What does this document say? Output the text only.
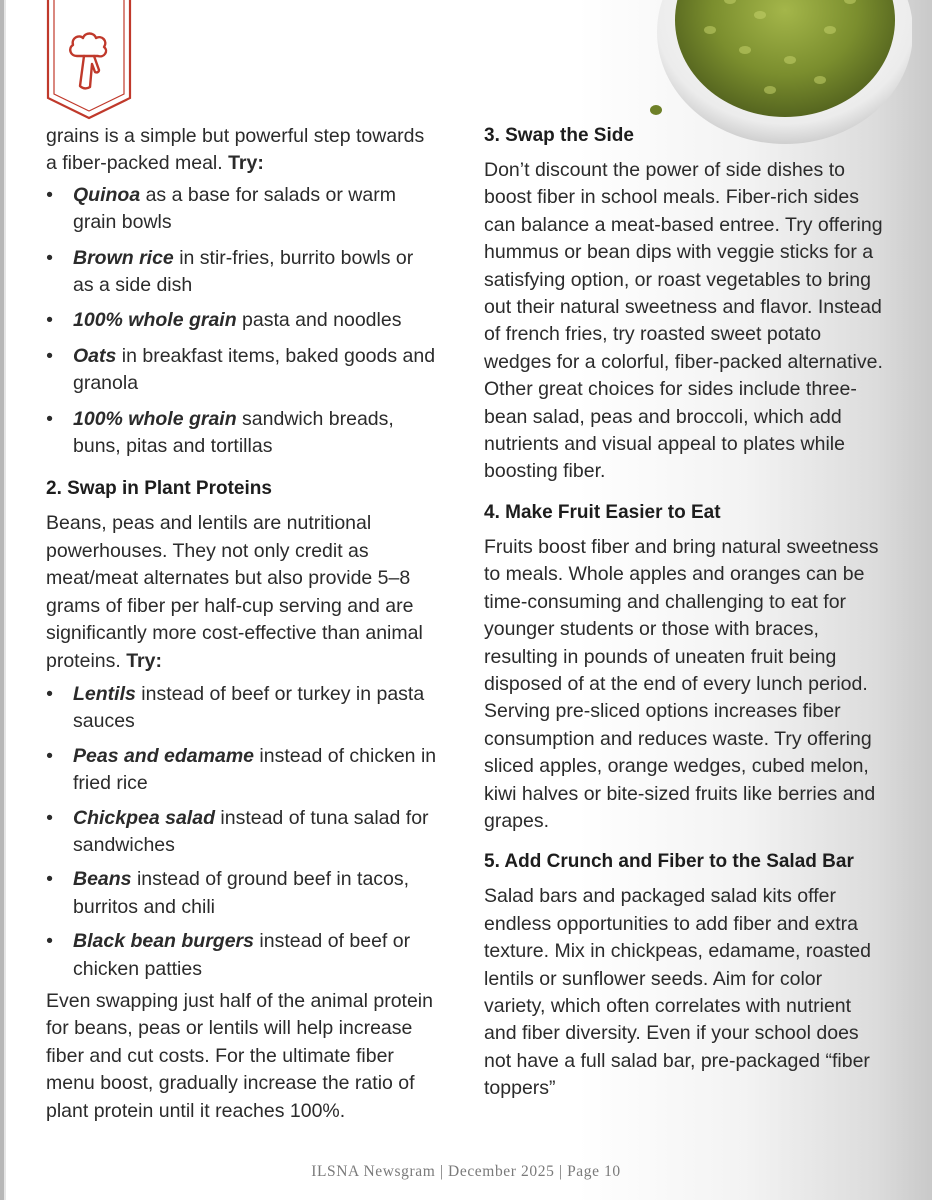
grains is a simple but powerful step towards a fiber-packed meal. Try:

• Quinoa as a base for salads or warm grain bowls
• Brown rice in stir-fries, burrito bowls or as a side dish
• 100% whole grain pasta and noodles
• Oats in breakfast items, baked goods and granola
• 100% whole grain sandwich breads, buns, pitas and tortillas
2. Swap in Plant Proteins

Beans, peas and lentils are nutritional powerhouses. They not only credit as meat/meat alternates but also provide 5–8 grams of fiber per half-cup serving and are significantly more cost-effective than animal proteins. Try:

• Lentils instead of beef or turkey in pasta sauces
• Peas and edamame instead of chicken in fried rice
• Chickpea salad instead of tuna salad for sandwiches
• Beans instead of ground beef in tacos, burritos and chili
• Black bean burgers instead of beef or chicken patties

Even swapping just half of the animal protein for beans, peas or lentils will help increase fiber and cut costs. For the ultimate fiber menu boost, gradually increase the ratio of plant protein until it reaches 100%.

3. Swap the Side

Don’t discount the power of side dishes to boost fiber in school meals. Fiber-rich sides can balance a meat-based entree. Try offering hummus or bean dips with veggie sticks for a satisfying option, or roast vegetables to bring out their natural sweetness and flavor. Instead of french fries, try roasted sweet potato wedges for a colorful, fiber-packed alternative. Other great choices for sides include three-bean salad, peas and broccoli, which add nutrients and visual appeal to plates while boosting fiber.

4. Make Fruit Easier to Eat

Fruits boost fiber and bring natural sweetness to meals. Whole apples and oranges can be time-consuming and challenging to eat for younger students or those with braces, resulting in pounds of uneaten fruit being disposed of at the end of every lunch period. Serving pre-sliced options increases fiber consumption and reduces waste. Try offering sliced apples, orange wedges, cubed melon, kiwi halves or bite-sized fruits like berries and grapes.

5. Add Crunch and Fiber to the Salad Bar

Salad bars and packaged salad kits offer endless opportunities to add fiber and extra texture. Mix in chickpeas, edamame, roasted lentils or sunflower seeds. Aim for color variety, which often correlates with nutrient and fiber diversity. Even if your school does not have a full salad bar, pre-packaged “fiber toppers”

ILSNA Newsgram | December 2025 | Page 10
